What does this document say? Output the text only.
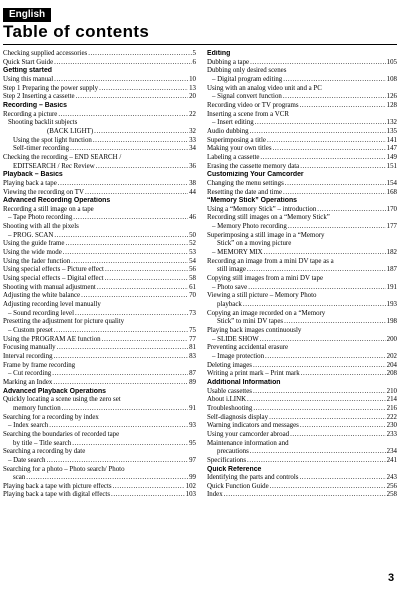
English
Table of contents
Checking supplied accessories .....	5
Quick Start Guide .....	6
Getting started
Using this manual .....	10
Step 1 Preparing the power supply .....	13
Step 2 Inserting a cassette .....	20
Recording – Basics
Recording a picture .....	22
Shooting backlit subjects
(BACK LIGHT) .....	32
Using the spot light function .....	33
Self-timer recording .....	34
Checking the recording – END SEARCH /
EDITSEARCH / Rec Review .....	36
Playback – Basics
Playing back a tape .....	38
Viewing the recording on TV .....	44
Advanced Recording Operations
Recording a still image on a tape
– Tape Photo recording .....	46
Shooting with all the pixels
– PROG. SCAN .....	50
Using the guide frame .....	52
Using the wide mode .....	53
Using the fader function .....	54
Using special effects – Picture effect .....	56
Using special effects – Digital effect .....	58
Shooting with manual adjustment .....	61
Adjusting the white balance .....	70
Adjusting recording level manually
– Sound recording level .....	73
Presetting the adjustment for picture quality
– Custom preset .....	75
Using the PROGRAM AE function .....	77
Focusing manually .....	81
Interval recording .....	83
Frame by frame recording
– Cut recording .....	87
Marking an Index .....	89
Advanced Playback Operations
Quickly locating a scene using the zero set
memory function .....	91
Searching for a recording by index
– Index search .....	93
Searching the boundaries of recorded tape
by title – Title search .....	95
Searching a recording by date
– Date search .....	97
Searching for a photo – Photo search/ Photo
scan .....	99
Playing back a tape with picture effects .....	102
Playing back a tape with digital effects .....	103
Editing
Dubbing a tape .....	105
Dubbing only desired scenes
– Digital program editing .....	108
Using with an analog video unit and a PC
– Signal convert function .....	126
Recording video or TV programs .....	128
Inserting a scene from a VCR
– Insert editing .....	132
Audio dubbing .....	135
Superimposing a title .....	141
Making your own titles .....	147
Labeling a cassette .....	149
Erasing the cassette memory data .....	151
Customizing Your Camcorder
Changing the menu settings .....	154
Resetting the date and time .....	168
“Memory Stick” Operations
Using a “Memory Stick” – introduction .....	170
Recording still images on a “Memory Stick”
– Memory Photo recording .....	177
Superimposing a still image in a “Memory
Stick” on a moving picture
– MEMORY MIX .....	182
Recording an image from a mini DV tape as a
still image .....	187
Copying still images from a mini DV tape
– Photo save .....	191
Viewing a still picture – Memory Photo
playback .....	193
Copying an image recorded on a “Memory
Stick” to mini DV tapes .....	198
Playing back images continuously
– SLIDE SHOW .....	200
Preventing accidental erasure
– Image protection .....	202
Deleting images .....	204
Writing a print mark – Print mark .....	208
Additional Information
Usable cassettes .....	210
About i.LINK .....	214
Troubleshooting .....	216
Self-diagnosis display .....	222
Warning indicators and messages .....	230
Using your camcorder abroad .....	233
Maintenance information and
precautions .....	234
Specifications .....	241
Quick Reference
Identifying the parts and controls .....	243
Quick Function Guide .....	256
Index .....	258
3
